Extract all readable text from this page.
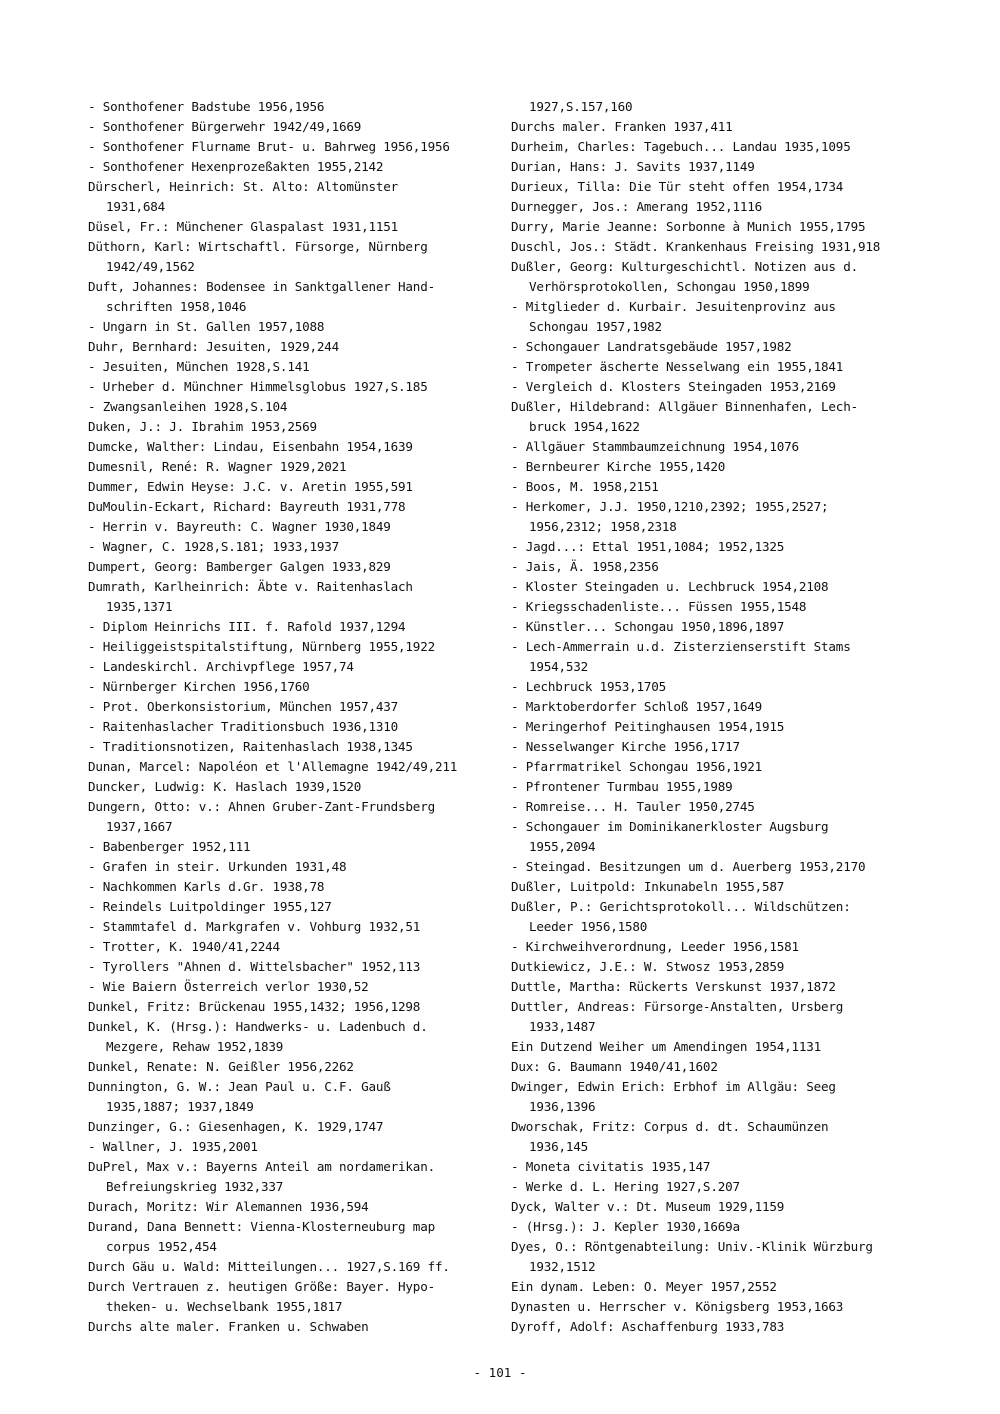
- Sonthofener Badstube 1956,1956
- Sonthofener Bürgerwehr 1942/49,1669
- Sonthofener Flurname Brut- u. Bahrweg 1956,1956
- Sonthofener Hexenprozeßakten 1955,2142
Dürscherl, Heinrich: St. Alto: Altomünster
1931,684
Düsel, Fr.: Münchener Glaspalast 1931,1151
Düthorn, Karl: Wirtschaftl. Fürsorge, Nürnberg
1942/49,1562
Duft, Johannes: Bodensee in Sanktgallener Hand-
schriften 1958,1046
- Ungarn in St. Gallen 1957,1088
Duhr, Bernhard: Jesuiten, 1929,244
- Jesuiten, München 1928,S.141
- Urheber d. Münchner Himmelsglobus 1927,S.185
- Zwangsanleihen 1928,S.104
Duken, J.: J. Ibrahim 1953,2569
Dumcke, Walther: Lindau, Eisenbahn 1954,1639
Dumesnil, René: R. Wagner 1929,2021
Dummer, Edwin Heyse: J.C. v. Aretin 1955,591
DuMoulin-Eckart, Richard: Bayreuth 1931,778
- Herrin v. Bayreuth: C. Wagner 1930,1849
- Wagner, C. 1928,S.181; 1933,1937
Dumpert, Georg: Bamberger Galgen 1933,829
Dumrath, Karlheinrich: Äbte v. Raitenhaslach
1935,1371
- Diplom Heinrichs III. f. Rafold 1937,1294
- Heiliggeistspitalstiftung, Nürnberg 1955,1922
- Landeskirchl. Archivpflege 1957,74
- Nürnberger Kirchen 1956,1760
- Prot. Oberkonsistorium, München 1957,437
- Raitenhaslacher Traditionsbuch 1936,1310
- Traditionsnotizen, Raitenhaslach 1938,1345
Dunan, Marcel: Napoléon et l'Allemagne 1942/49,211
Duncker, Ludwig: K. Haslach 1939,1520
Dungern, Otto: v.: Ahnen Gruber-Zant-Frundsberg
1937,1667
- Babenberger 1952,111
- Grafen in steir. Urkunden 1931,48
- Nachkommen Karls d.Gr. 1938,78
- Reindels Luitpoldinger 1955,127
- Stammtafel d. Markgrafen v. Vohburg 1932,51
- Trotter, K. 1940/41,2244
- Tyrollers "Ahnen d. Wittelsbacher" 1952,113
- Wie Baiern Österreich verlor 1930,52
Dunkel, Fritz: Brückenau 1955,1432; 1956,1298
Dunkel, K. (Hrsg.): Handwerks- u. Ladenbuch d.
Mezgere, Rehaw 1952,1839
Dunkel, Renate: N. Geißler 1956,2262
Dunnington, G. W.: Jean Paul u. C.F. Gauß
1935,1887; 1937,1849
Dunzinger, G.: Giesenhagen, K. 1929,1747
- Wallner, J. 1935,2001
DuPrel, Max v.: Bayerns Anteil am nordamerikan.
Befreiungskrieg 1932,337
Durach, Moritz: Wir Alemannen 1936,594
Durand, Dana Bennett: Vienna-Klosterneuburg map
corpus 1952,454
Durch Gäu u. Wald: Mitteilungen... 1927,S.169 ff.
Durch Vertrauen z. heutigen Größe: Bayer. Hypo-
theken- u. Wechselbank 1955,1817
Durchs alte maler. Franken u. Schwaben
1927,S.157,160
Durchs maler. Franken 1937,411
Durheim, Charles: Tagebuch... Landau 1935,1095
Durian, Hans: J. Savits 1937,1149
Durieux, Tilla: Die Tür steht offen 1954,1734
Durnegger, Jos.: Amerang 1952,1116
Durry, Marie Jeanne: Sorbonne à Munich 1955,1795
Duschl, Jos.: Städt. Krankenhaus Freising 1931,918
Dußler, Georg: Kulturgeschichtl. Notizen aus d.
Verhörsprotokollen, Schongau 1950,1899
- Mitglieder d. Kurbair. Jesuitenprovinz aus
Schongau 1957,1982
- Schongauer Landratsgebäude 1957,1982
- Trompeter äscherte Nesselwang ein 1955,1841
- Vergleich d. Klosters Steingaden 1953,2169
Dußler, Hildebrand: Allgäuer Binnenhafen, Lech-
bruck 1954,1622
- Allgäuer Stammbaumzeichnung 1954,1076
- Bernbeurer Kirche 1955,1420
- Boos, M. 1958,2151
- Herkomer, J.J. 1950,1210,2392; 1955,2527;
1956,2312; 1958,2318
- Jagd...: Ettal 1951,1084; 1952,1325
- Jais, Ä. 1958,2356
- Kloster Steingaden u. Lechbruck 1954,2108
- Kriegsschadenliste... Füssen 1955,1548
- Künstler... Schongau 1950,1896,1897
- Lech-Ammerrain u.d. Zisterzienserstift Stams
1954,532
- Lechbruck 1953,1705
- Marktoberdorfer Schloß 1957,1649
- Meringerhof Peitinghausen 1954,1915
- Nesselwanger Kirche 1956,1717
- Pfarrmatrikel Schongau 1956,1921
- Pfrontener Turmbau 1955,1989
- Romreise... H. Tauler 1950,2745
- Schongauer im Dominikanerkloster Augsburg
1955,2094
- Steingad. Besitzungen um d. Auerberg 1953,2170
Dußler, Luitpold: Inkunabeln 1955,587
Dußler, P.: Gerichtsprotokoll... Wildschützen:
Leeder 1956,1580
- Kirchweihverordnung, Leeder 1956,1581
Dutkiewicz, J.E.: W. Stwosz 1953,2859
Duttle, Martha: Rückerts Verskunst 1937,1872
Duttler, Andreas: Fürsorge-Anstalten, Ursberg
1933,1487
Ein Dutzend Weiher um Amendingen 1954,1131
Dux: G. Baumann 1940/41,1602
Dwinger, Edwin Erich: Erbhof im Allgäu: Seeg
1936,1396
Dworschak, Fritz: Corpus d. dt. Schaumünzen
1936,145
- Moneta civitatis 1935,147
- Werke d. L. Hering 1927,S.207
Dyck, Walter v.: Dt. Museum 1929,1159
- (Hrsg.): J. Kepler 1930,1669a
Dyes, O.: Röntgenabteilung: Univ.-Klinik Würzburg
1932,1512
Ein dynam. Leben: O. Meyer 1957,2552
Dynasten u. Herrscher v. Königsberg 1953,1663
Dyroff, Adolf: Aschaffenburg 1933,783
- 101 -
